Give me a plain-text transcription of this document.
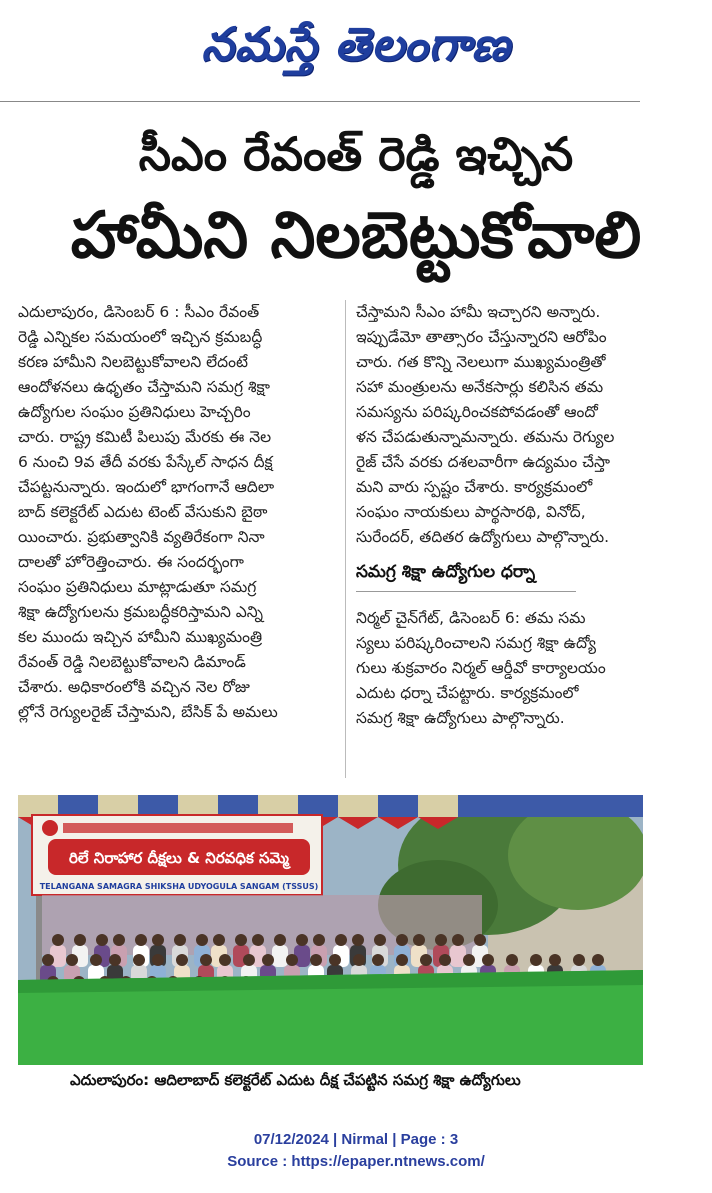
నమస్తే తెలంగాణ
సీఎం రేవంత్ రెడ్డి ఇచ్చిన
హామీని నిలబెట్టుకోవాలి

ఎదులాపురం, డిసెంబర్ 6 : సీఎం రేవంత్

రెడ్డి ఎన్నికల సమయంలో ఇచ్చిన క్రమబద్ధీ

కరణ హామీని నిలబెట్టుకోవాలని లేదంటే

ఆందోళనలు ఉధృతం చేస్తామని సమగ్ర శిక్షా

ఉద్యోగుల సంఘం ప్రతినిధులు హెచ్చరిం

చారు. రాష్ట్ర కమిటీ పిలుపు మేరకు ఈ నెల

6 నుంచి 9వ తేదీ వరకు పేస్కేల్ సాధన దీక్ష

చేపట్టనున్నారు. ఇందులో భాగంగానే ఆదిలా

బాద్ కలెక్టరేట్ ఎదుట టెంట్ వేసుకుని బైఠా

యించారు. ప్రభుత్వానికి వ్యతిరేకంగా నినా

దాలతో హోరెత్తించారు. ఈ సందర్భంగా

సంఘం ప్రతినిధులు మాట్లాడుతూ సమగ్ర

శిక్షా ఉద్యోగులను క్రమబద్ధీకరిస్తామని ఎన్ని

కల ముందు ఇచ్చిన హామీని ముఖ్యమంత్రి

రేవంత్ రెడ్డి నిలబెట్టుకోవాలని డిమాండ్

చేశారు. అధికారంలోకి వచ్చిన నెల రోజు

ల్లోనే రెగ్యులరైజ్ చేస్తామని, బేసిక్ పే అమలు

చేస్తామని సీఎం హామీ ఇచ్చారని అన్నారు.

ఇప్పుడేమో తాత్సారం చేస్తున్నారని ఆరోపిం

చారు. గత కొన్ని నెలలుగా ముఖ్యమంత్రితో

సహా మంత్రులను అనేకసార్లు కలిసిన తమ

సమస్యను పరిష్కరించకపోవడంతో ఆందో

ళన చేపడుతున్నామన్నారు. తమను రెగ్యుల

రైజ్ చేసే వరకు దశలవారీగా ఉద్యమం చేస్తా

మని వారు స్పష్టం చేశారు. కార్యక్రమంలో

సంఘం నాయకులు పార్థసారథి, వినోద్,

సురేందర్, తదితర ఉద్యోగులు పాల్గొన్నారు.

సమగ్ర శిక్షా ఉద్యోగుల ధర్నా

నిర్మల్ చైన్‌గేట్, డిసెంబర్ 6: తమ సమ

స్యలు పరిష్కరించాలని సమగ్ర శిక్షా ఉద్యో

గులు శుక్రవారం నిర్మల్ ఆర్డీవో కార్యాలయం

ఎదుట ధర్నా చేపట్టారు. కార్యక్రమంలో

సమగ్ర శిక్షా ఉద్యోగులు పాల్గొన్నారు.

రిలే నిరాహార దీక్షలు & నిరవధిక సమ్మె
TELANGANA SAMAGRA SHIKSHA UDYOGULA SANGAM (TSSUS)
ఎదులాపురం: ఆదిలాబాద్ కలెక్టరేట్ ఎదుట దీక్ష చేపట్టిన సమగ్ర శిక్షా ఉద్యోగులు
07/12/2024 | Nirmal | Page : 3
Source : https://epaper.ntnews.com/
